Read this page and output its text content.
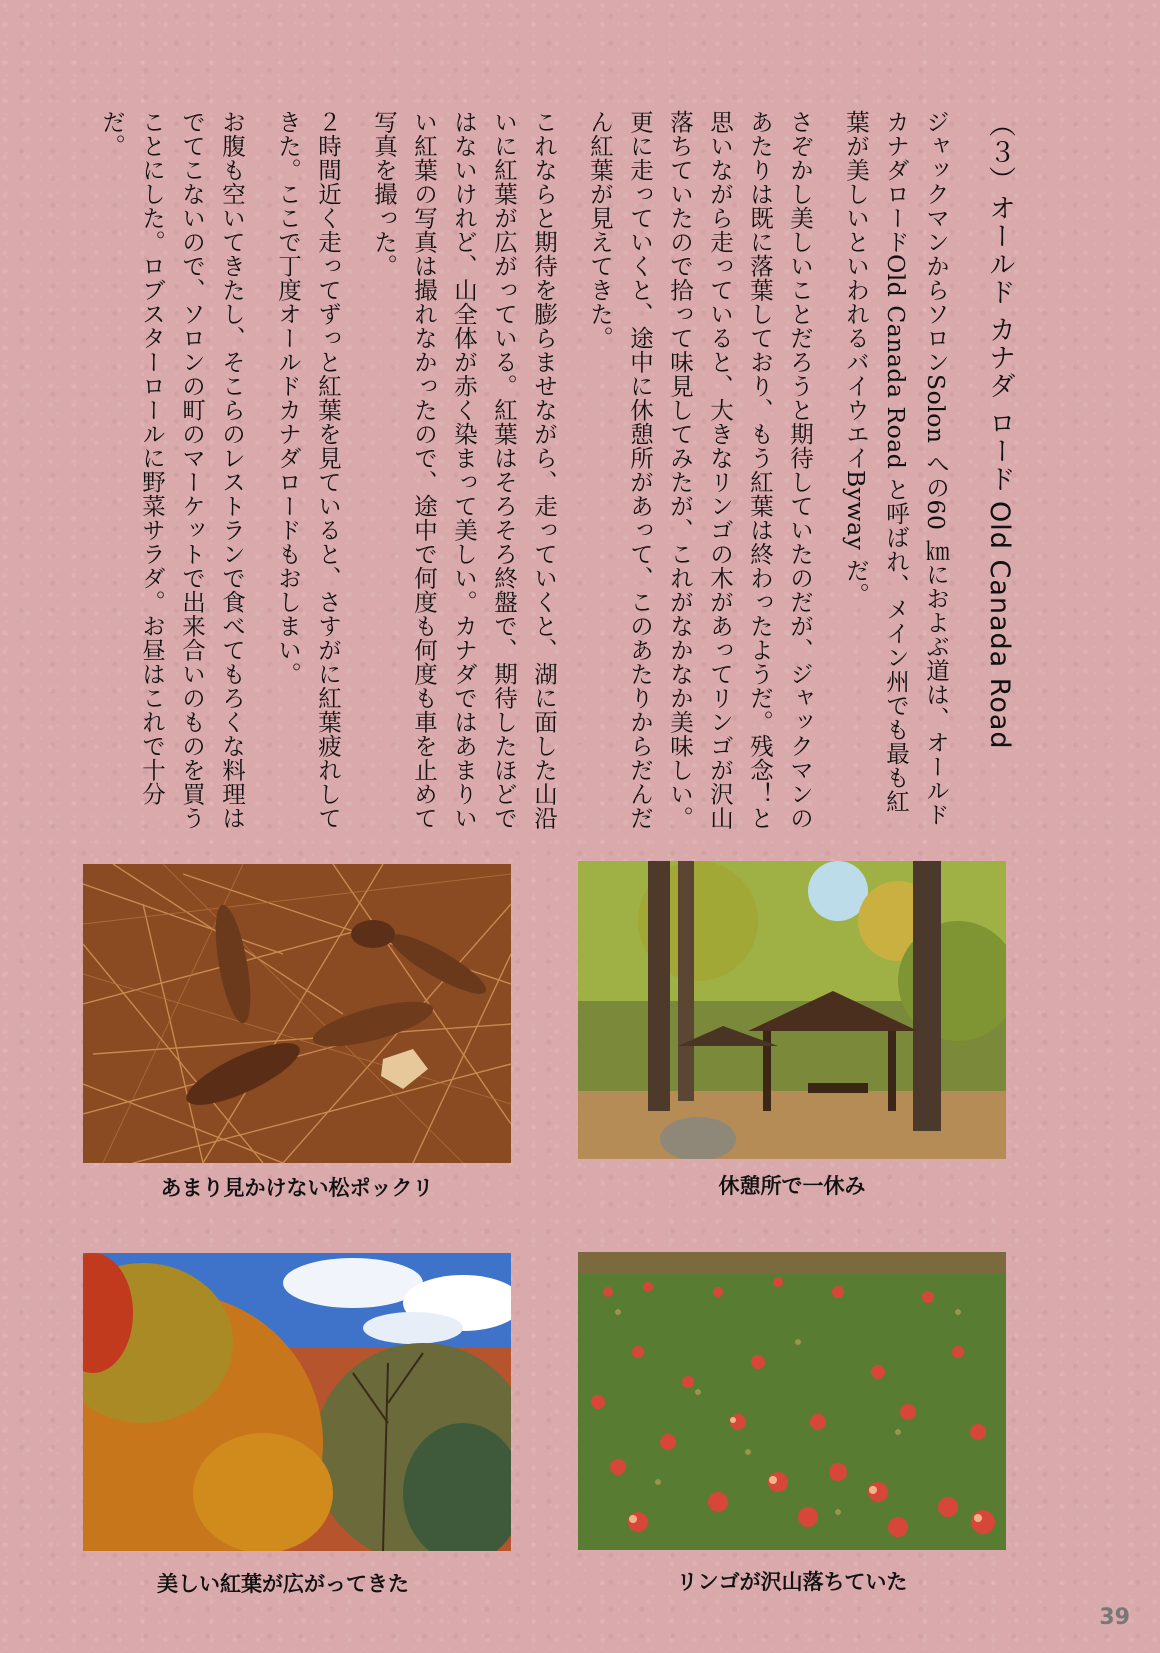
（３）オールド カナダ ロード
Old Canada Road

ジャックマンからソロンSolon への60 ㎞におよぶ道は、オールドカナダロードOld Canada Road と呼ばれ、メイン州でも最も紅葉が美しいといわれるバイウエイByway だ。

さぞかし美しいことだろうと期待していたのだが、ジャックマンのあたりは既に落葉しており、もう紅葉は終わったようだ。残念！と思いながら走っていると、大きなリンゴの木があってリンゴが沢山落ちていたので拾って味見してみたが、これがなかなか美味しい。更に走っていくと、途中に休憩所があって、このあたりからだんだん紅葉が見えてきた。

これならと期待を膨らませながら、走っていくと、湖に面した山沿いに紅葉が広がっている。紅葉はそろそろ終盤で、期待したほどではないけれど、山全体が赤く染まって美しい。カナダではあまりいい紅葉の写真は撮れなかったので、途中で何度も何度も車を止めて写真を撮った。

２時間近く走ってずっと紅葉を見ていると、さすがに紅葉疲れしてきた。ここで丁度オールドカナダロードもおしまい。

お腹も空いてきたし、そこらのレストランで食べてもろくな料理はでてこないので、ソロンの町のマーケットで出来合いのものを買うことにした。ロブスターロールに野菜サラダ。お昼はこれで十分だ。

あまり見かけない松ポックリ	休憩所で一休み
美しい紅葉が広がってきた	リンゴが沢山落ちていた
39
